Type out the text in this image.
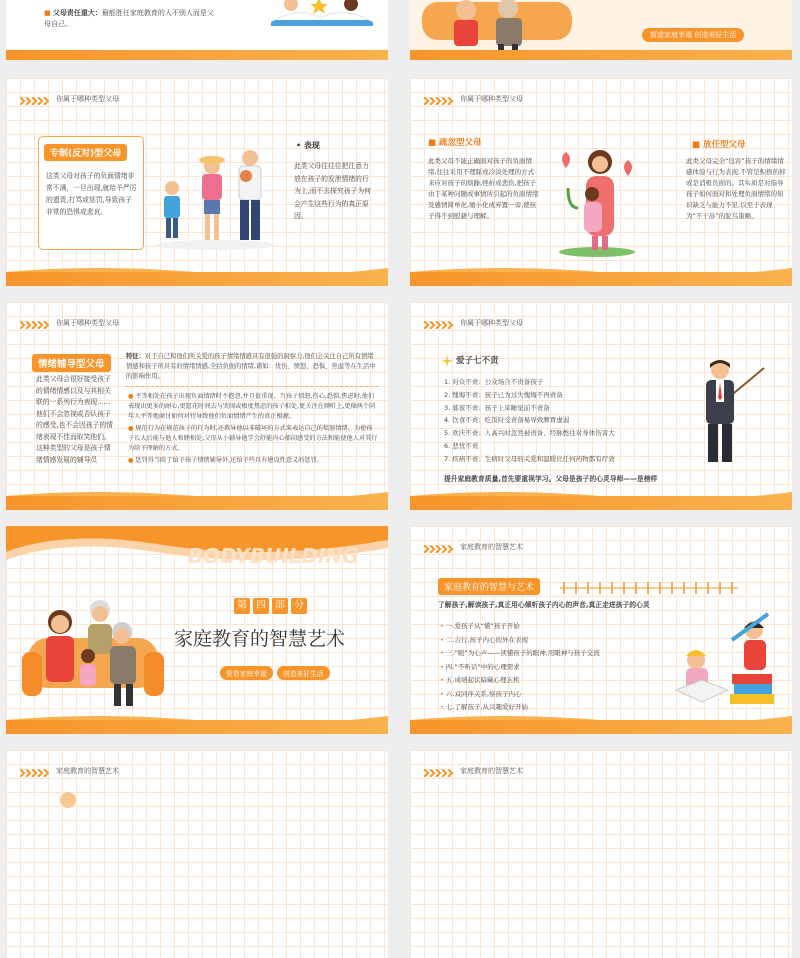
■ 父母责任重大：最能胜任家庭教育的人不别人而是父母自己。
营造家庭幸福 创造美好生活
你属于哪种类型父母
专制(反对)型父母
这类父母对孩子的负面情绪非常不满，一旦出现,就给予严厉的遗责,打骂或惩罚,导致孩子非常的恐惧或悲哀。
• 表现
此类父母往往往把注意力放在孩子的发泄情绪的行为上,而不去探究孩子为何会产生这些行为的真正原因。
你属于哪种类型父母
■ 疏忽型父母
此类父母不能正确面对孩子的负面情绪,往往采用不理睬或冷淡处理的方式来应对孩子的烦躁,挫折或悲伤,把孩子由于某种问题或事情所引起的负面情绪及感情简单化,缩小化或弃置一旁,使孩子得不到慰藉与理解。
■ 放任型父母
此类父母完全“包容”孩子的情绪情感体验与行为表现,不管是积极的抑或是消极负面的。其实质是对指导孩子如何面对和处理负面情绪的知识缺乏与能力不足,以至于表现为“不干涉”的鸵鸟策略。
你属于哪种类型父母
情绪辅导型父母
此类父母会很好接受孩子的情绪情感以及与其相关联的一系列行为表现......他们不会忽视或否认孩子的感受,也不会因孩子的情绪表现不佳而取笑他们。这种类型的父母是孩子情绪情感发展的辅导员
特征：对于自己和他们所关爱的孩子情绪情感具有很强的洞察力,他们会关注自己所有情绪情感和孩子所具有的情绪情感,全括负面的情绪,诸如：忧伤、愤怒、恐惧、焦虑等在生活中的影响作用。
● 平等相处在孩子出现负面情绪时不抱怨,并且很重视。当孩子愤怒,伤心,恐惧,焦虑时,他们表现出更多的耐心,更愿花时间去与哭闹或极度焦虑的孩子相处,更关注在倾听上,更像两个同年人平等地商讨如何对待导致他们负面情绪产生的真正根源。
● 规范行为在规范孩子的行为时,还教导他以非破坏的方式来表达自己的愤怒情绪。为使孩子长大后能与他人和睦相处,父母从小辅导他学会舒能内心郁闷感受的方法和能使他人对其行为给予理解的方式。
● 惩罚得当除了给予孩子情绪辅导外,还给予些具有建设性意义的惩罚。
你属于哪种类型父母
爱子七不责
1. 对众不责：公众场合不责备孩子
2. 愧悔不责：孩子已为过失愧悔不再责备
3. 暮夜不责：孩子上床睡觉前不责备
4. 饮食不责：吃饭时受责备易导致脾胃虚弱
5. 欢庆不责：人高兴时忽然被责备，经脉憋住对身体伤害大
6. 悲忧不责
7. 疾病不责：生病时父母的关爱和温暖比任何药物都有疗效
提升家庭教育质量,首先要重视学习。父母是孩子的心灵导师——是榜样
BODYBUILDING
第 四 部 分
家庭教育的智慧艺术
营造家庭幸福	创造美好生活
家庭教育的智慧艺术
家庭教育的智慧与艺术
了解孩子,解读孩子,真正用心倾听孩子内心的声音,真正走进孩子的心灵
• 一.爱孩子从“懂”孩子开始
• 二.吉行,孩子内心的外在表现
• 三.“眼”为心声——读懂孩子的眼神,用眼神与孩子交流
• 四.“不听话”中的心理需求
• 五.成绩起伏暗藏心理玄机
• 六.双同伴关系,察孩子内心
• 七.了解孩子,从兴趣爱好开始
家庭教育的智慧艺术	家庭教育的智慧艺术
